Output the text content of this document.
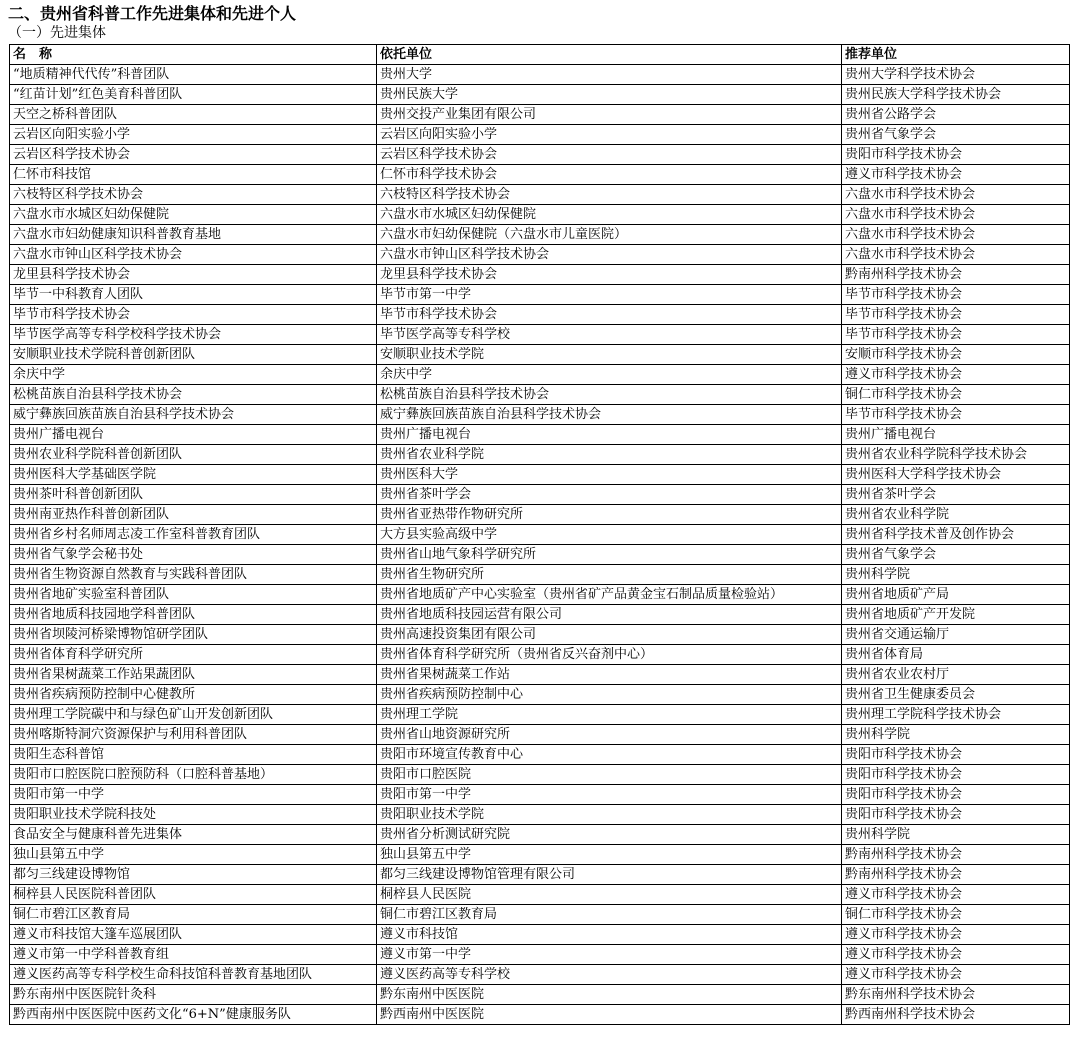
二、贵州省科普工作先进集体和先进个人
（一）先进集体
名　称	依托单位	推荐单位
“地质精神代代传”科普团队	贵州大学	贵州大学科学技术协会
“红苗计划”红色美育科普团队	贵州民族大学	贵州民族大学科学技术协会
天空之桥科普团队	贵州交投产业集团有限公司	贵州省公路学会
云岩区向阳实验小学	云岩区向阳实验小学	贵州省气象学会
云岩区科学技术协会	云岩区科学技术协会	贵阳市科学技术协会
仁怀市科技馆	仁怀市科学技术协会	遵义市科学技术协会
六枝特区科学技术协会	六枝特区科学技术协会	六盘水市科学技术协会
六盘水市水城区妇幼保健院	六盘水市水城区妇幼保健院	六盘水市科学技术协会
六盘水市妇幼健康知识科普教育基地	六盘水市妇幼保健院（六盘水市儿童医院）	六盘水市科学技术协会
六盘水市钟山区科学技术协会	六盘水市钟山区科学技术协会	六盘水市科学技术协会
龙里县科学技术协会	龙里县科学技术协会	黔南州科学技术协会
毕节一中科教育人团队	毕节市第一中学	毕节市科学技术协会
毕节市科学技术协会	毕节市科学技术协会	毕节市科学技术协会
毕节医学高等专科学校科学技术协会	毕节医学高等专科学校	毕节市科学技术协会
安顺职业技术学院科普创新团队	安顺职业技术学院	安顺市科学技术协会
余庆中学	余庆中学	遵义市科学技术协会
松桃苗族自治县科学技术协会	松桃苗族自治县科学技术协会	铜仁市科学技术协会
威宁彝族回族苗族自治县科学技术协会	威宁彝族回族苗族自治县科学技术协会	毕节市科学技术协会
贵州广播电视台	贵州广播电视台	贵州广播电视台
贵州农业科学院科普创新团队	贵州省农业科学院	贵州省农业科学院科学技术协会
贵州医科大学基础医学院	贵州医科大学	贵州医科大学科学技术协会
贵州茶叶科普创新团队	贵州省茶叶学会	贵州省茶叶学会
贵州南亚热作科普创新团队	贵州省亚热带作物研究所	贵州省农业科学院
贵州省乡村名师周志凌工作室科普教育团队	大方县实验高级中学	贵州省科学技术普及创作协会
贵州省气象学会秘书处	贵州省山地气象科学研究所	贵州省气象学会
贵州省生物资源自然教育与实践科普团队	贵州省生物研究所	贵州科学院
贵州省地矿实验室科普团队	贵州省地质矿产中心实验室（贵州省矿产品黄金宝石制品质量检验站）	贵州省地质矿产局
贵州省地质科技园地学科普团队	贵州省地质科技园运营有限公司	贵州省地质矿产开发院
贵州省坝陵河桥梁博物馆研学团队	贵州高速投资集团有限公司	贵州省交通运输厅
贵州省体育科学研究所	贵州省体育科学研究所（贵州省反兴奋剂中心）	贵州省体育局
贵州省果树蔬菜工作站果蔬团队	贵州省果树蔬菜工作站	贵州省农业农村厅
贵州省疾病预防控制中心健教所	贵州省疾病预防控制中心	贵州省卫生健康委员会
贵州理工学院碳中和与绿色矿山开发创新团队	贵州理工学院	贵州理工学院科学技术协会
贵州喀斯特洞穴资源保护与利用科普团队	贵州省山地资源研究所	贵州科学院
贵阳生态科普馆	贵阳市环境宣传教育中心	贵阳市科学技术协会
贵阳市口腔医院口腔预防科（口腔科普基地）	贵阳市口腔医院	贵阳市科学技术协会
贵阳市第一中学	贵阳市第一中学	贵阳市科学技术协会
贵阳职业技术学院科技处	贵阳职业技术学院	贵阳市科学技术协会
食品安全与健康科普先进集体	贵州省分析测试研究院	贵州科学院
独山县第五中学	独山县第五中学	黔南州科学技术协会
都匀三线建设博物馆	都匀三线建设博物馆管理有限公司	黔南州科学技术协会
桐梓县人民医院科普团队	桐梓县人民医院	遵义市科学技术协会
铜仁市碧江区教育局	铜仁市碧江区教育局	铜仁市科学技术协会
遵义市科技馆大篷车巡展团队	遵义市科技馆	遵义市科学技术协会
遵义市第一中学科普教育组	遵义市第一中学	遵义市科学技术协会
遵义医药高等专科学校生命科技馆科普教育基地团队	遵义医药高等专科学校	遵义市科学技术协会
黔东南州中医医院针灸科	黔东南州中医医院	黔东南州科学技术协会
黔西南州中医医院中医药文化“6+N”健康服务队	黔西南州中医医院	黔西南州科学技术协会
